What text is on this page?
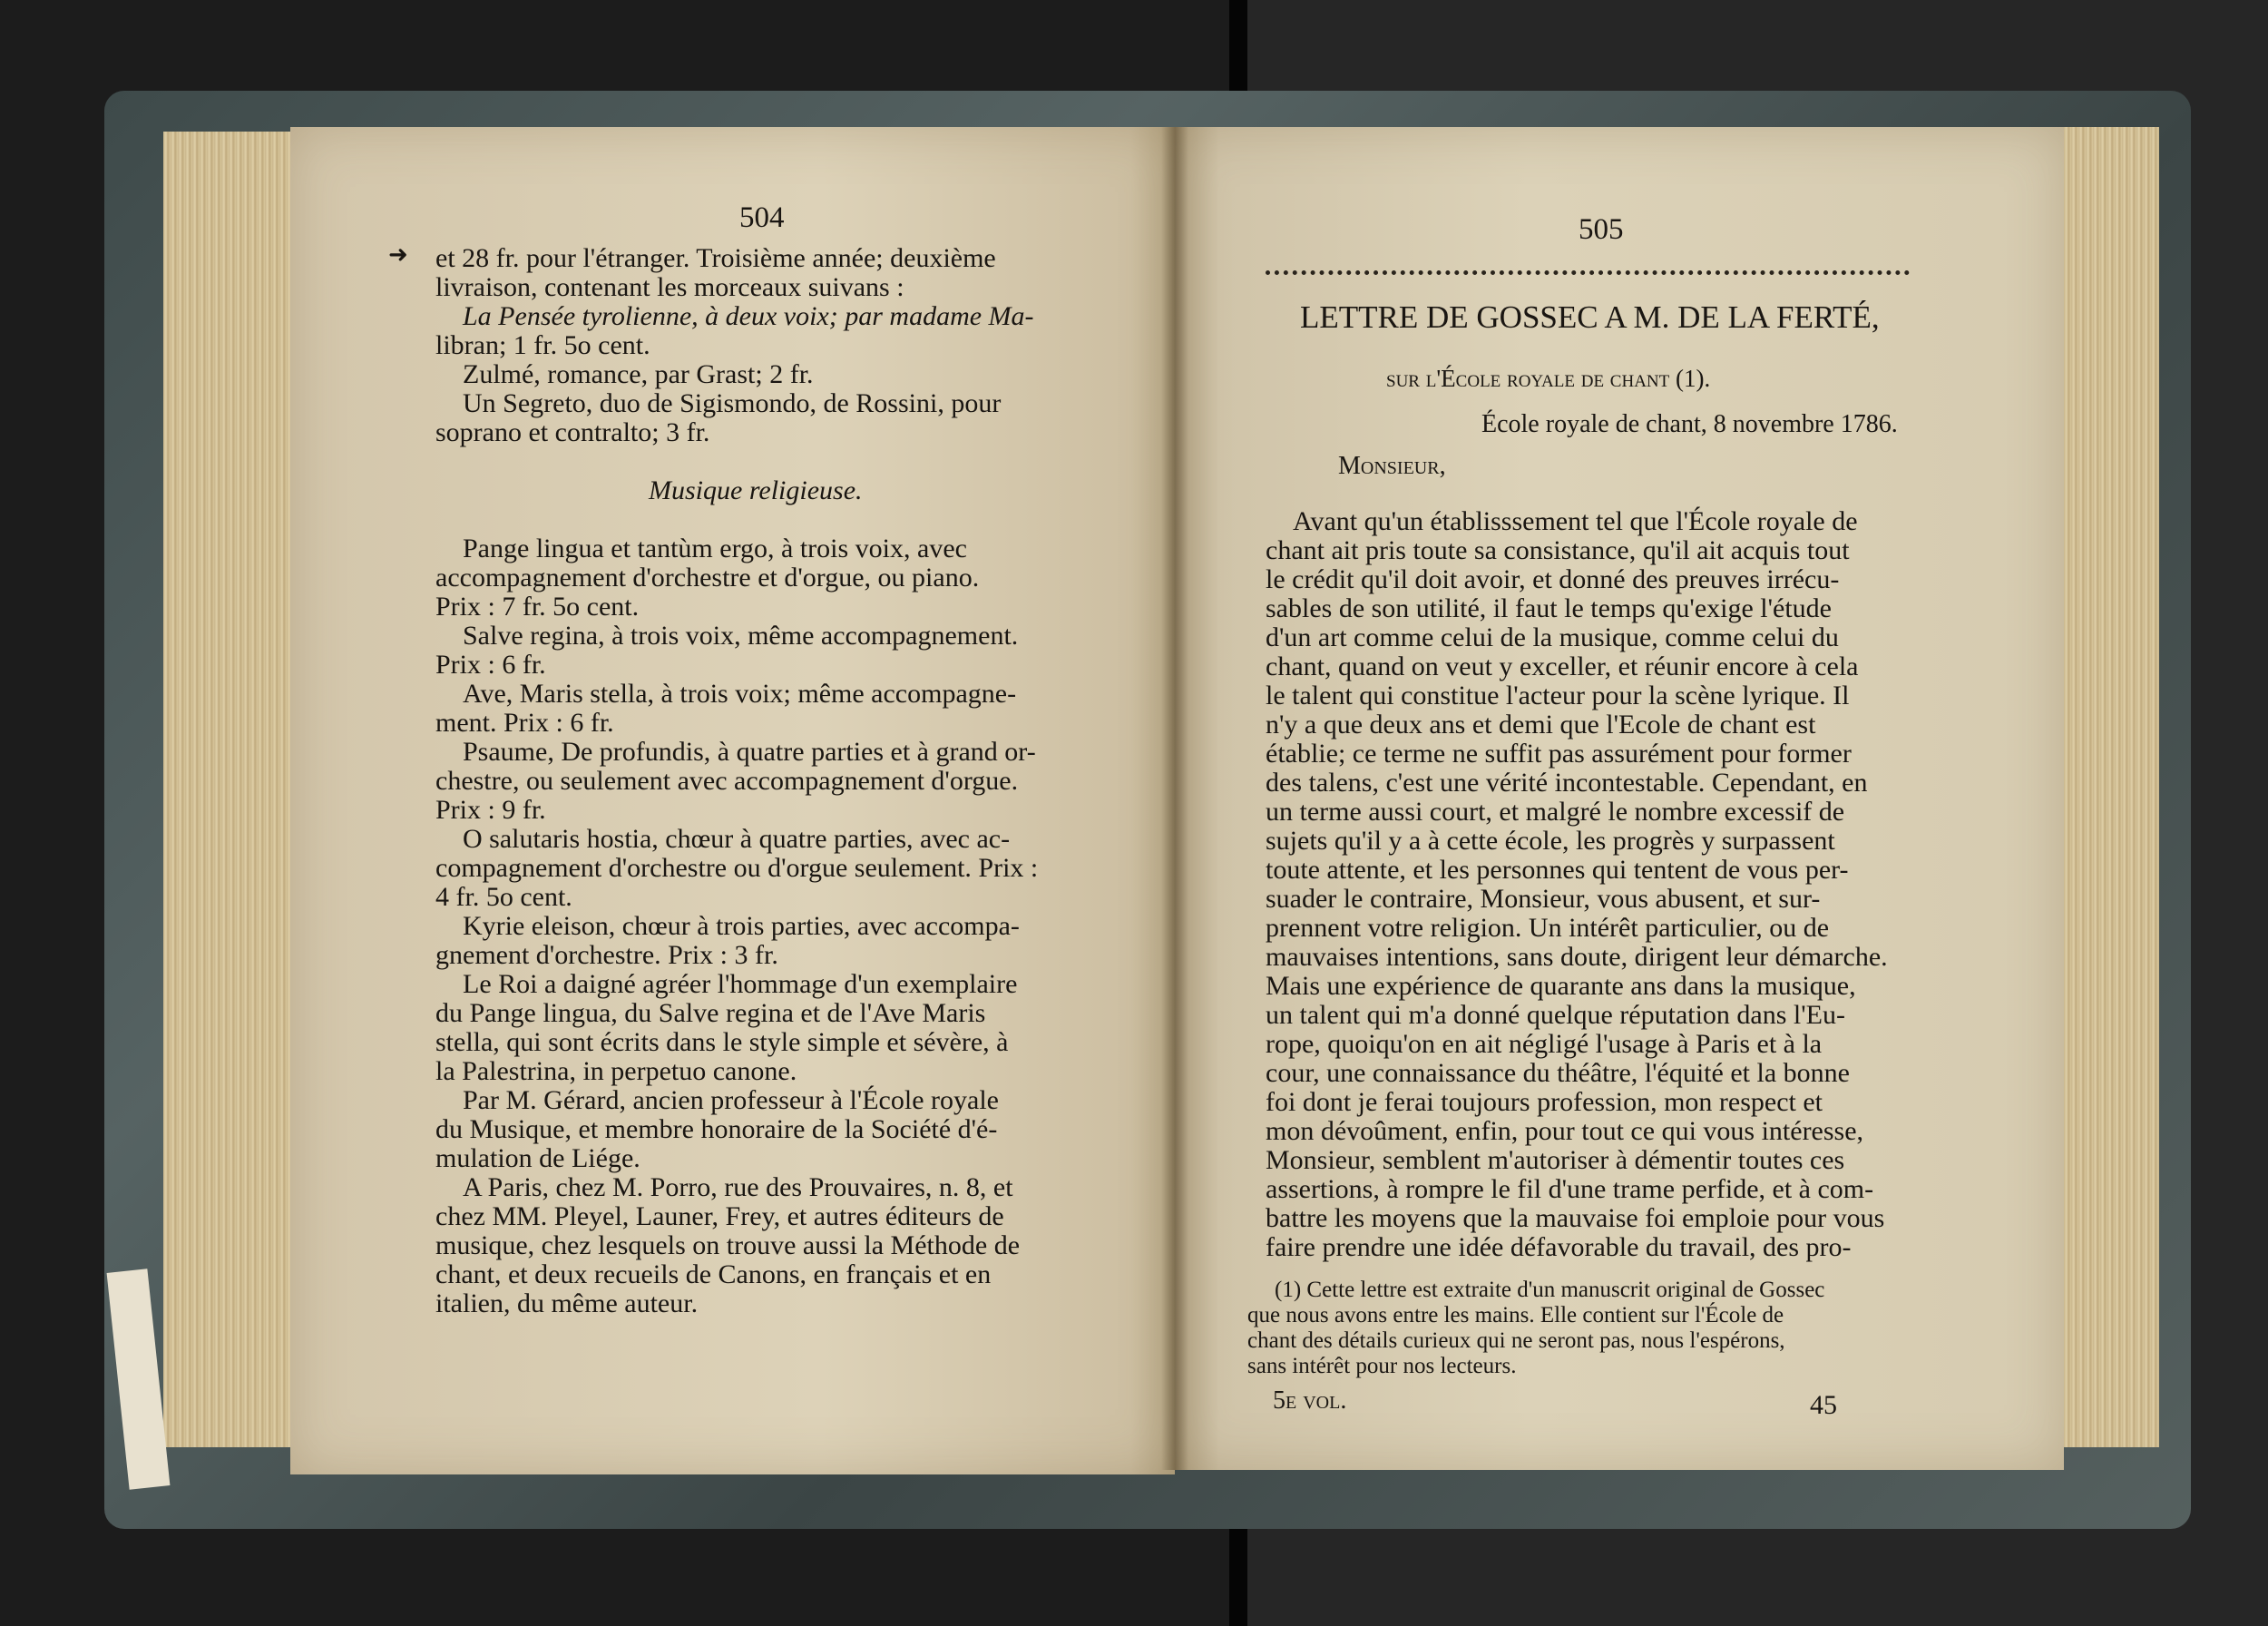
504
➜ et 28 fr. pour l'étranger. Troisième année; deuxième
livraison, contenant les morceaux suivans :
La Pensée tyrolienne, à deux voix; par madame Ma-
libran; 1 fr. 5o cent.
Zulmé, romance, par Grast; 2 fr.
Un Segreto, duo de Sigismondo, de Rossini, pour
soprano et contralto; 3 fr.
Musique religieuse.
Pange lingua et tantùm ergo, à trois voix, avec
accompagnement d'orchestre et d'orgue, ou piano.
Prix : 7 fr. 5o cent.
Salve regina, à trois voix, même accompagnement.
Prix : 6 fr.
Ave, Maris stella, à trois voix; même accompagne-
ment. Prix : 6 fr.
Psaume, De profundis, à quatre parties et à grand or-
chestre, ou seulement avec accompagnement d'orgue.
Prix : 9 fr.
O salutaris hostia, chœur à quatre parties, avec ac-
compagnement d'orchestre ou d'orgue seulement. Prix :
4 fr. 5o cent.
Kyrie eleison, chœur à trois parties, avec accompa-
gnement d'orchestre. Prix : 3 fr.
Le Roi a daigné agréer l'hommage d'un exemplaire
du Pange lingua, du Salve regina et de l'Ave Maris
stella, qui sont écrits dans le style simple et sévère, à
la Palestrina, in perpetuo canone.
Par M. Gérard, ancien professeur à l'École royale
du Musique, et membre honoraire de la Société d'é-
mulation de Liége.
A Paris, chez M. Porro, rue des Prouvaires, n. 8, et
chez MM. Pleyel, Launer, Frey, et autres éditeurs de
musique, chez lesquels on trouve aussi la Méthode de
chant, et deux recueils de Canons, en français et en
italien, du même auteur.
505
LETTRE DE GOSSEC A M. DE LA FERTÉ,
sur l'École royale de chant (1).
École royale de chant, 8 novembre 1786.
Monsieur,
Avant qu'un établisssement tel que l'École royale de
chant ait pris toute sa consistance, qu'il ait acquis tout
le crédit qu'il doit avoir, et donné des preuves irrécu-
sables de son utilité, il faut le temps qu'exige l'étude
d'un art comme celui de la musique, comme celui du
chant, quand on veut y exceller, et réunir encore à cela
le talent qui constitue l'acteur pour la scène lyrique. Il
n'y a que deux ans et demi que l'Ecole de chant est
établie; ce terme ne suffit pas assurément pour former
des talens, c'est une vérité incontestable. Cependant, en
un terme aussi court, et malgré le nombre excessif de
sujets qu'il y a à cette école, les progrès y surpassent
toute attente, et les personnes qui tentent de vous per-
suader le contraire, Monsieur, vous abusent, et sur-
prennent votre religion. Un intérêt particulier, ou de
mauvaises intentions, sans doute, dirigent leur démarche.
Mais une expérience de quarante ans dans la musique,
un talent qui m'a donné quelque réputation dans l'Eu-
rope, quoiqu'on en ait négligé l'usage à Paris et à la
cour, une connaissance du théâtre, l'équité et la bonne
foi dont je ferai toujours profession, mon respect et
mon dévoûment, enfin, pour tout ce qui vous intéresse,
Monsieur, semblent m'autoriser à démentir toutes ces
assertions, à rompre le fil d'une trame perfide, et à com-
battre les moyens que la mauvaise foi emploie pour vous
faire prendre une idée défavorable du travail, des pro-
(1) Cette lettre est extraite d'un manuscrit original de Gossec
que nous avons entre les mains. Elle contient sur l'École de
chant des détails curieux qui ne seront pas, nous l'espérons,
sans intérêt pour nos lecteurs.
5e vol.	45
